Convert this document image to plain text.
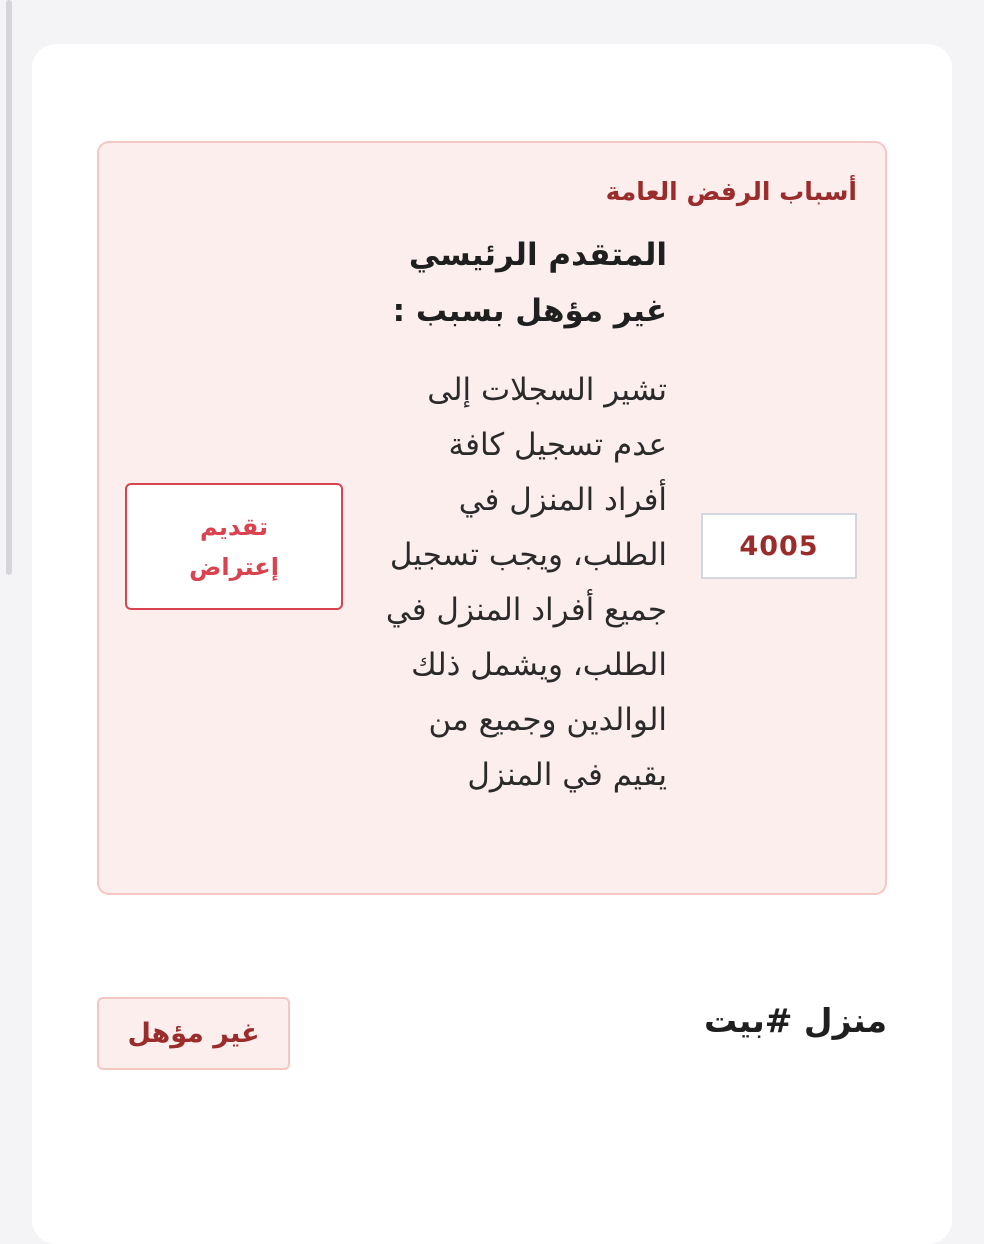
أسباب الرفض العامة

المتقدم الرئيسي غير مؤهل بسبب :

تشير السجلات إلى عدم تسجيل كافة أفراد المنزل في الطلب، ويجب تسجيل جميع أفراد المنزل في الطلب، ويشمل ذلك الوالدين وجميع من يقيم في المنزل

4005
تقديم إعتراض
منزل #بيت
غير مؤهل
